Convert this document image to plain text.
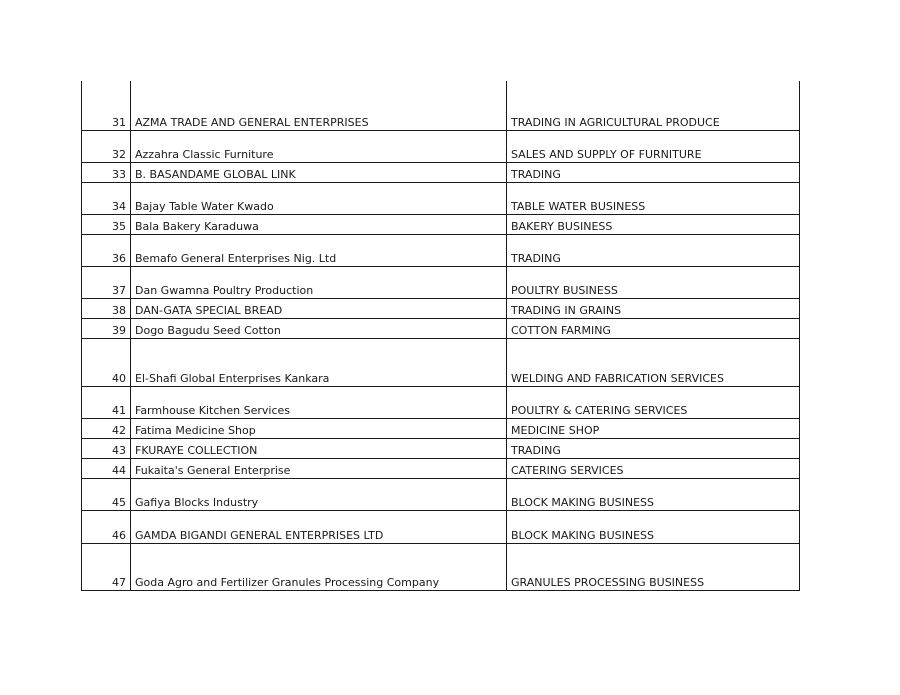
31	AZMA TRADE AND GENERAL ENTERPRISES	TRADING IN AGRICULTURAL PRODUCE
32	Azzahra Classic Furniture	SALES AND SUPPLY OF FURNITURE
33	B. BASANDAME GLOBAL LINK	TRADING
34	Bajay Table Water Kwado	TABLE WATER BUSINESS
35	Bala Bakery Karaduwa	BAKERY BUSINESS
36	Bemafo General Enterprises Nig. Ltd	TRADING
37	Dan Gwamna Poultry Production	POULTRY BUSINESS
38	DAN-GATA SPECIAL BREAD	TRADING IN GRAINS
39	Dogo Bagudu Seed Cotton	COTTON FARMING
40	El-Shafi Global Enterprises Kankara	WELDING AND FABRICATION SERVICES
41	Farmhouse Kitchen Services	POULTRY & CATERING SERVICES
42	Fatima Medicine Shop	MEDICINE SHOP
43	FKURAYE COLLECTION	TRADING
44	Fukaita's General Enterprise	CATERING SERVICES
45	Gafiya Blocks Industry	BLOCK MAKING BUSINESS
46	GAMDA BIGANDI GENERAL ENTERPRISES LTD	BLOCK MAKING BUSINESS
47	Goda Agro and Fertilizer Granules Processing Company	GRANULES PROCESSING BUSINESS
